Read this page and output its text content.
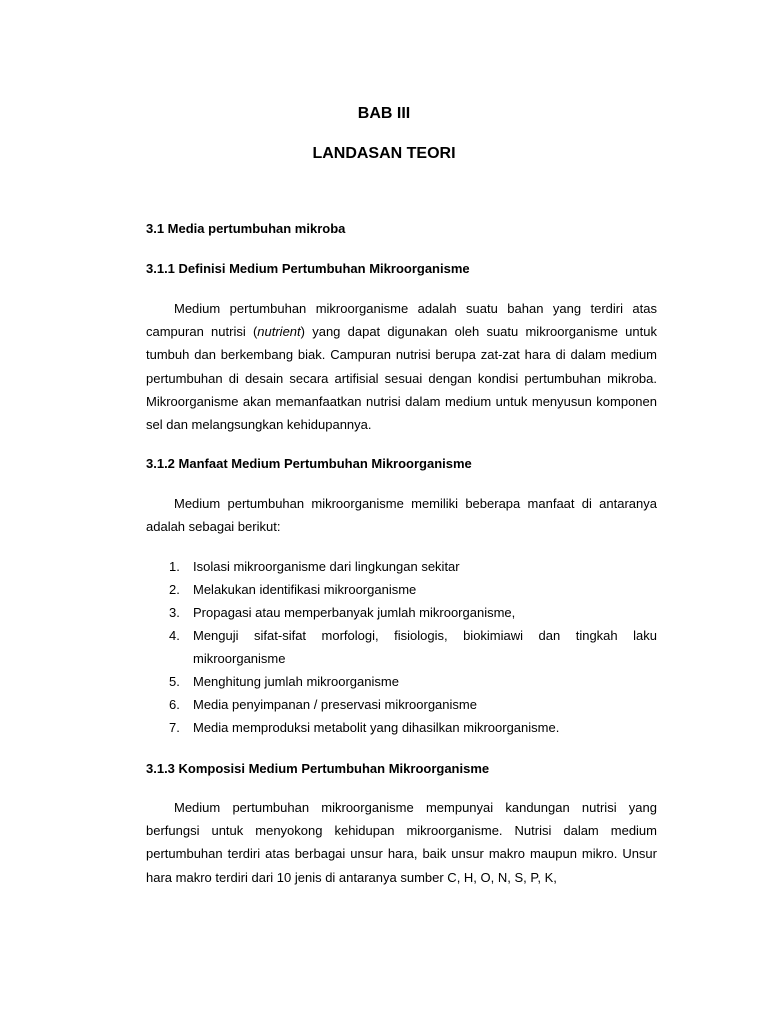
BAB III

LANDASAN TEORI

3.1 Media pertumbuhan mikroba

3.1.1 Definisi Medium Pertumbuhan Mikroorganisme

Medium pertumbuhan mikroorganisme adalah suatu bahan yang terdiri atas campuran nutrisi (nutrient) yang dapat digunakan oleh suatu mikroorganisme untuk tumbuh dan berkembang biak. Campuran nutrisi berupa zat-zat hara di dalam medium pertumbuhan di desain secara artifisial sesuai dengan kondisi pertumbuhan mikroba. Mikroorganisme akan memanfaatkan nutrisi dalam medium untuk menyusun komponen sel dan melangsungkan kehidupannya.

3.1.2 Manfaat Medium Pertumbuhan Mikroorganisme

Medium pertumbuhan mikroorganisme memiliki beberapa manfaat di antaranya adalah sebagai berikut:

1. Isolasi mikroorganisme dari lingkungan sekitar
2. Melakukan identifikasi mikroorganisme
3. Propagasi atau memperbanyak jumlah mikroorganisme,
4. Menguji sifat-sifat morfologi, fisiologis, biokimiawi dan tingkah laku mikroorganisme
5. Menghitung jumlah mikroorganisme
6. Media penyimpanan / preservasi mikroorganisme
7. Media memproduksi metabolit yang dihasilkan mikroorganisme.

3.1.3 Komposisi Medium Pertumbuhan Mikroorganisme

Medium pertumbuhan mikroorganisme mempunyai kandungan nutrisi yang berfungsi untuk menyokong kehidupan mikroorganisme. Nutrisi dalam medium pertumbuhan terdiri atas berbagai unsur hara, baik unsur makro maupun mikro. Unsur hara makro terdiri dari 10 jenis di antaranya sumber C, H, O, N, S, P, K,
